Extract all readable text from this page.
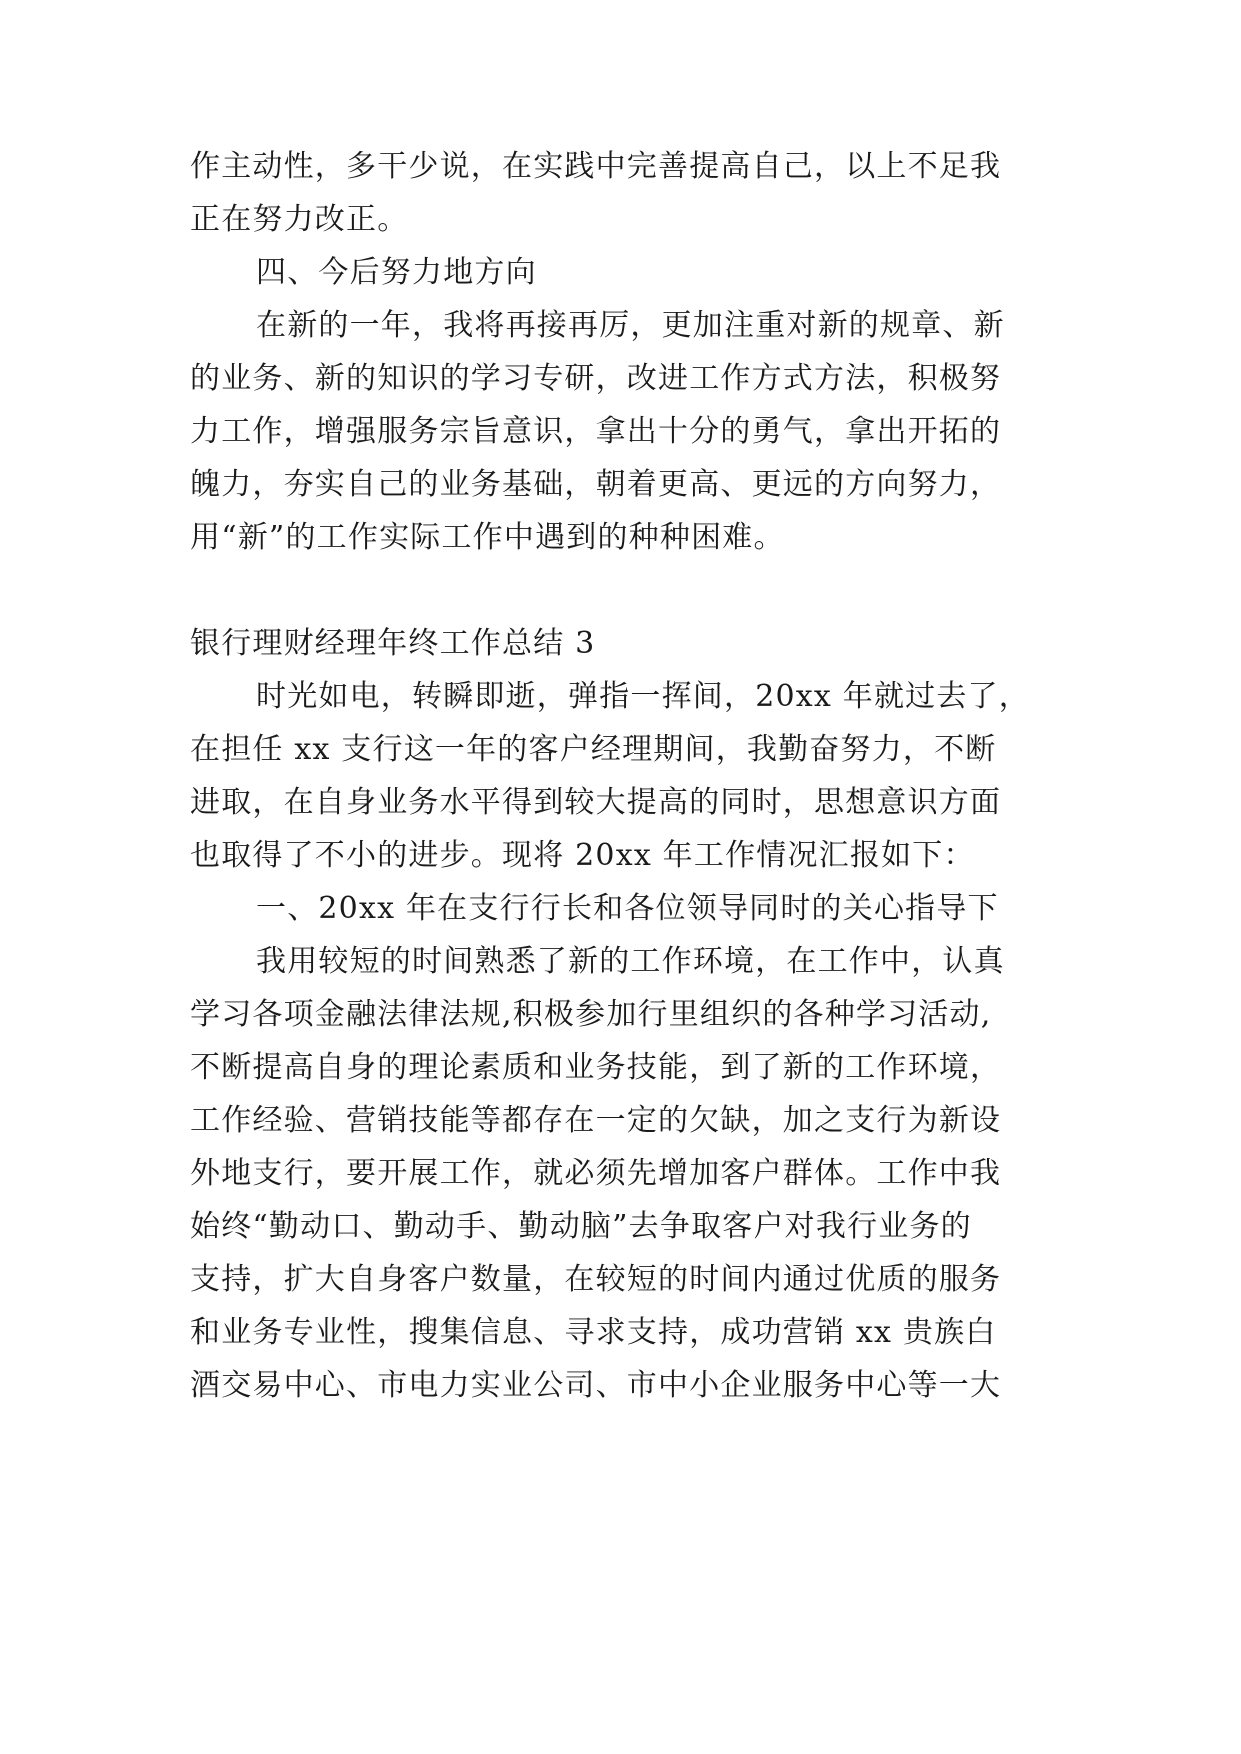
作主动性，多干少说，在实践中完善提高自己，以上不足我
正在努力改正。
四、今后努力地方向
在新的一年，我将再接再厉，更加注重对新的规章、新
的业务、新的知识的学习专研，改进工作方式方法，积极努
力工作，增强服务宗旨意识，拿出十分的勇气，拿出开拓的
魄力，夯实自己的业务基础，朝着更高、更远的方向努力，
用“新”的工作实际工作中遇到的种种困难。
银行理财经理年终工作总结 3
时光如电，转瞬即逝，弹指一挥间，20xx 年就过去了，
在担任 xx 支行这一年的客户经理期间，我勤奋努力，不断
进取，在自身业务水平得到较大提高的同时，思想意识方面
也取得了不小的进步。现将 20xx 年工作情况汇报如下：
一、20xx 年在支行行长和各位领导同时的关心指导下
我用较短的时间熟悉了新的工作环境，在工作中，认真
学习各项金融法律法规,积极参加行里组织的各种学习活动,
不断提高自身的理论素质和业务技能，到了新的工作环境，
工作经验、营销技能等都存在一定的欠缺，加之支行为新设
外地支行，要开展工作，就必须先增加客户群体。工作中我
始终“勤动口、勤动手、勤动脑”去争取客户对我行业务的
支持，扩大自身客户数量，在较短的时间内通过优质的服务
和业务专业性，搜集信息、寻求支持，成功营销 xx 贵族白
酒交易中心、市电力实业公司、市中小企业服务中心等一大
